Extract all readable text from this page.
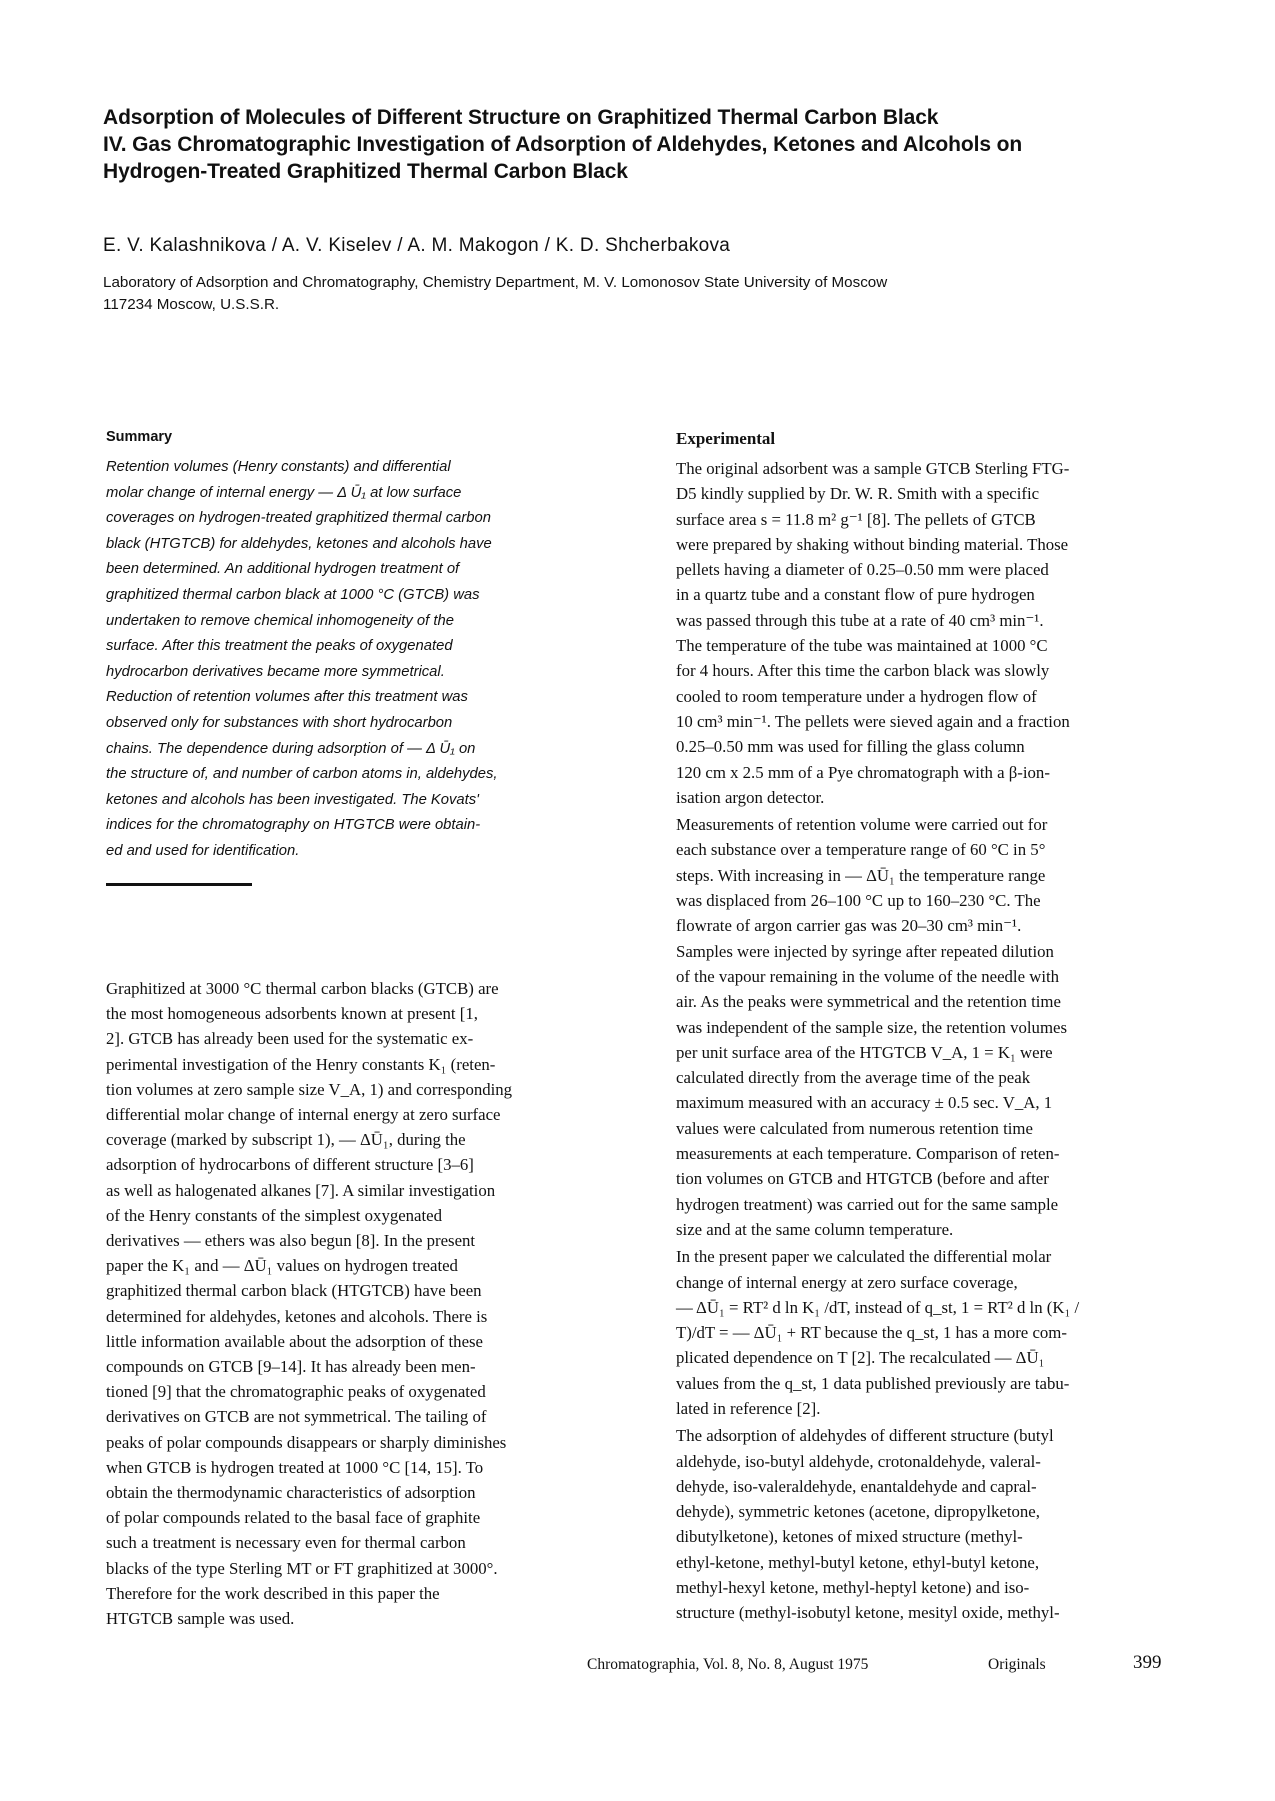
Adsorption of Molecules of Different Structure on Graphitized Thermal Carbon Black
IV. Gas Chromatographic Investigation of Adsorption of Aldehydes, Ketones and Alcohols on
Hydrogen-Treated Graphitized Thermal Carbon Black
E. V. Kalashnikova / A. V. Kiselev / A. M. Makogon / K. D. Shcherbakova
Laboratory of Adsorption and Chromatography, Chemistry Department, M. V. Lomonosov State University of Moscow
117234 Moscow, U.S.S.R.
Summary
Retention volumes (Henry constants) and differential
molar change of internal energy — Δ Ū₁ at low surface
coverages on hydrogen-treated graphitized thermal carbon
black (HTGTCB) for aldehydes, ketones and alcohols have
been determined. An additional hydrogen treatment of
graphitized thermal carbon black at 1000 °C (GTCB) was
undertaken to remove chemical inhomogeneity of the
surface. After this treatment the peaks of oxygenated
hydrocarbon derivatives became more symmetrical.
Reduction of retention volumes after this treatment was
observed only for substances with short hydrocarbon
chains. The dependence during adsorption of — Δ Ū₁ on
the structure of, and number of carbon atoms in, aldehydes,
ketones and alcohols has been investigated. The Kovats'
indices for the chromatography on HTGTCB were obtain-
ed and used for identification.
Graphitized at 3000 °C thermal carbon blacks (GTCB) are
the most homogeneous adsorbents known at present [1,
2]. GTCB has already been used for the systematic ex-
perimental investigation of the Henry constants K₁ (reten-
tion volumes at zero sample size V_A, 1) and corresponding
differential molar change of internal energy at zero surface
coverage (marked by subscript 1), — ΔŪ₁, during the
adsorption of hydrocarbons of different structure [3–6]
as well as halogenated alkanes [7]. A similar investigation
of the Henry constants of the simplest oxygenated
derivatives — ethers was also begun [8]. In the present
paper the K₁ and — ΔŪ₁ values on hydrogen treated
graphitized thermal carbon black (HTGTCB) have been
determined for aldehydes, ketones and alcohols. There is
little information available about the adsorption of these
compounds on GTCB [9–14]. It has already been men-
tioned [9] that the chromatographic peaks of oxygenated
derivatives on GTCB are not symmetrical. The tailing of
peaks of polar compounds disappears or sharply diminishes
when GTCB is hydrogen treated at 1000 °C [14, 15]. To
obtain the thermodynamic characteristics of adsorption
of polar compounds related to the basal face of graphite
such a treatment is necessary even for thermal carbon
blacks of the type Sterling MT or FT graphitized at 3000°.
Therefore for the work described in this paper the
HTGTCB sample was used.
Experimental
The original adsorbent was a sample GTCB Sterling FTG-
D5 kindly supplied by Dr. W. R. Smith with a specific
surface area s = 11.8 m² g⁻¹ [8]. The pellets of GTCB
were prepared by shaking without binding material. Those
pellets having a diameter of 0.25–0.50 mm were placed
in a quartz tube and a constant flow of pure hydrogen
was passed through this tube at a rate of 40 cm³ min⁻¹.
The temperature of the tube was maintained at 1000 °C
for 4 hours. After this time the carbon black was slowly
cooled to room temperature under a hydrogen flow of
10 cm³ min⁻¹. The pellets were sieved again and a fraction
0.25–0.50 mm was used for filling the glass column
120 cm x 2.5 mm of a Pye chromatograph with a β-ion-
isation argon detector.
Measurements of retention volume were carried out for
each substance over a temperature range of 60 °C in 5°
steps. With increasing in — ΔŪ₁ the temperature range
was displaced from 26–100 °C up to 160–230 °C. The
flowrate of argon carrier gas was 20–30 cm³ min⁻¹.
Samples were injected by syringe after repeated dilution
of the vapour remaining in the volume of the needle with
air. As the peaks were symmetrical and the retention time
was independent of the sample size, the retention volumes
per unit surface area of the HTGTCB V_A, 1 = K₁ were
calculated directly from the average time of the peak
maximum measured with an accuracy ± 0.5 sec. V_A, 1
values were calculated from numerous retention time
measurements at each temperature. Comparison of reten-
tion volumes on GTCB and HTGTCB (before and after
hydrogen treatment) was carried out for the same sample
size and at the same column temperature.
In the present paper we calculated the differential molar
change of internal energy at zero surface coverage,
— ΔŪ₁ = RT² d ln K₁ /dT, instead of q_st, 1 = RT² d ln (K₁ /
T)/dT = — ΔŪ₁ + RT because the q_st, 1 has a more com-
plicated dependence on T [2]. The recalculated — ΔŪ₁
values from the q_st, 1 data published previously are tabu-
lated in reference [2].
The adsorption of aldehydes of different structure (butyl
aldehyde, iso-butyl aldehyde, crotonaldehyde, valeral-
dehyde, iso-valeraldehyde, enantaldehyde and capral-
dehyde), symmetric ketones (acetone, dipropylketone,
dibutylketone), ketones of mixed structure (methyl-
ethyl-ketone, methyl-butyl ketone, ethyl-butyl ketone,
methyl-hexyl ketone, methyl-heptyl ketone) and iso-
structure (methyl-isobutyl ketone, mesityl oxide, methyl-
Chromatographia, Vol. 8, No. 8, August 1975	Originals	399
